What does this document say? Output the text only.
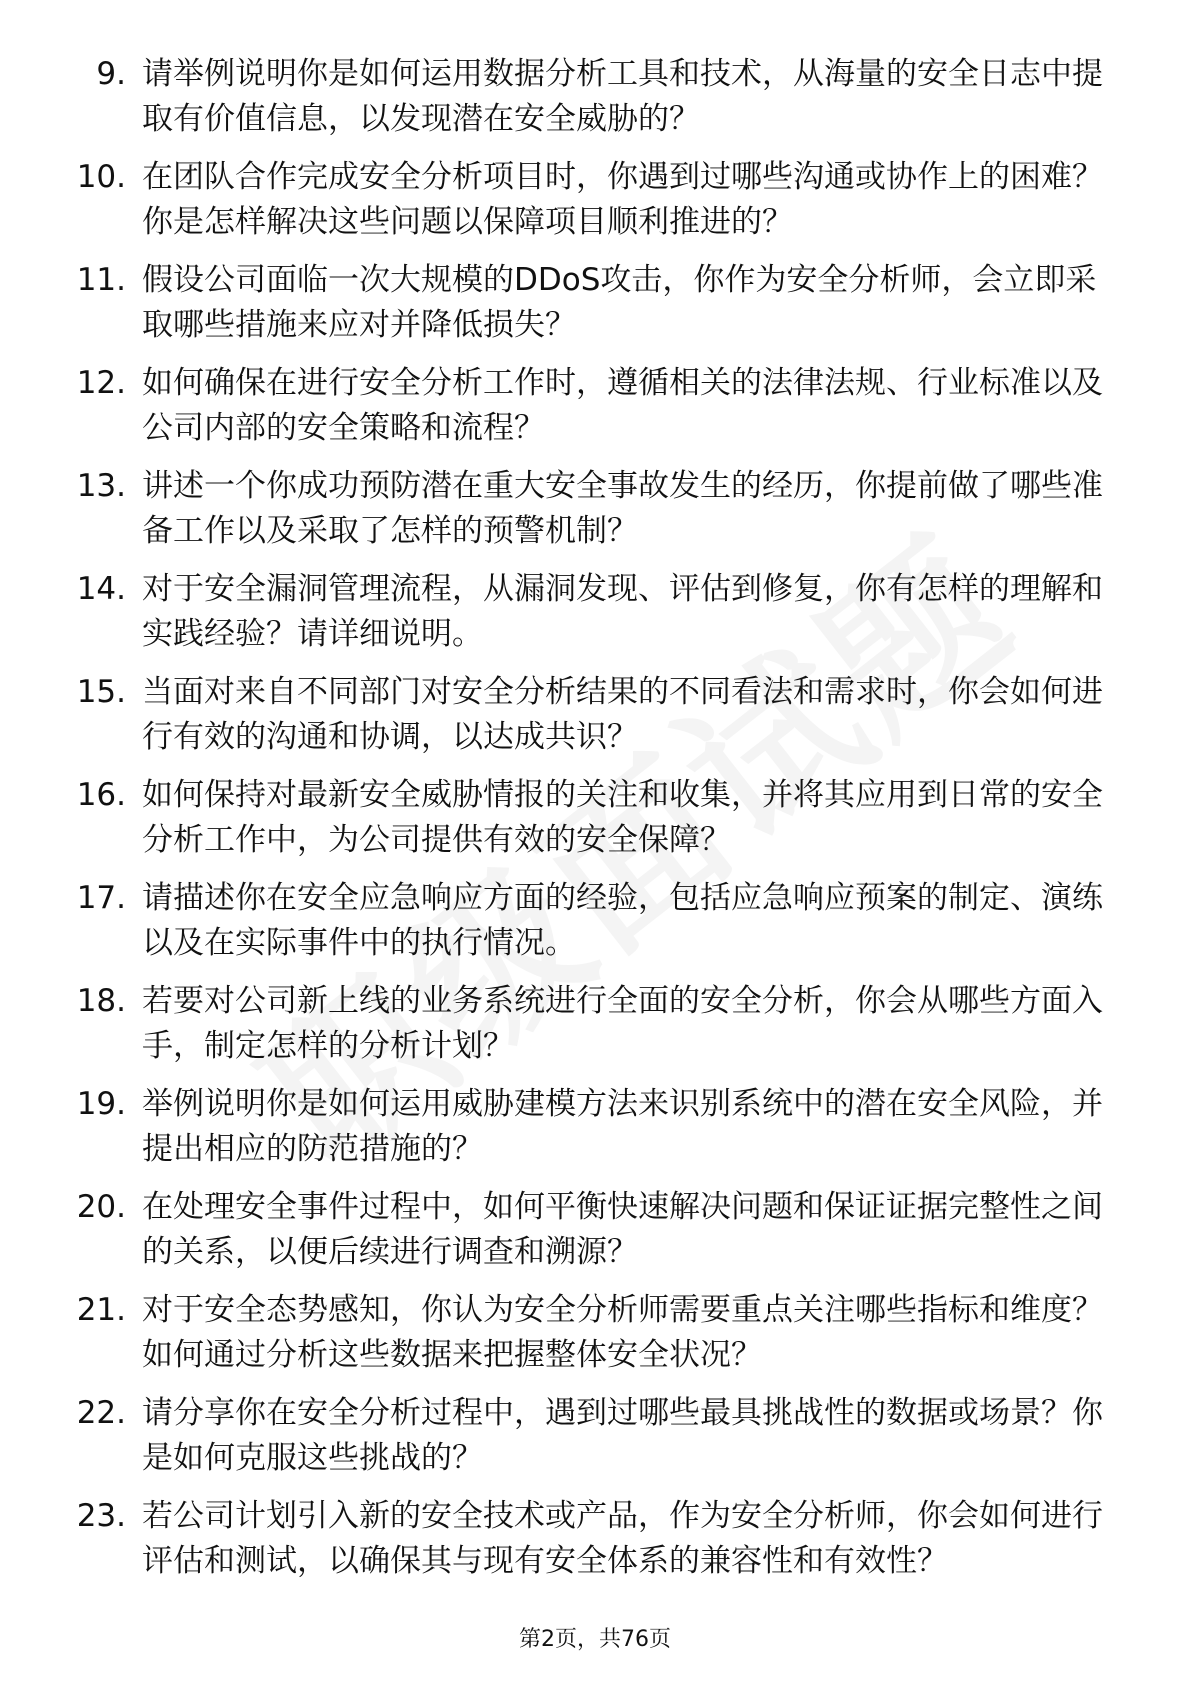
9. 请举例说明你是如何运用数据分析工具和技术，从海量的安全日志中提取有价值信息，以发现潜在安全威胁的？
10. 在团队合作完成安全分析项目时，你遇到过哪些沟通或协作上的困难？你是怎样解决这些问题以保障项目顺利推进的？
11. 假设公司面临一次大规模的DDoS攻击，你作为安全分析师，会立即采取哪些措施来应对并降低损失？
12. 如何确保在进行安全分析工作时，遵循相关的法律法规、行业标准以及公司内部的安全策略和流程？
13. 讲述一个你成功预防潜在重大安全事故发生的经历，你提前做了哪些准备工作以及采取了怎样的预警机制？
14. 对于安全漏洞管理流程，从漏洞发现、评估到修复，你有怎样的理解和实践经验？请详细说明。
15. 当面对来自不同部门对安全分析结果的不同看法和需求时，你会如何进行有效的沟通和协调，以达成共识？
16. 如何保持对最新安全威胁情报的关注和收集，并将其应用到日常的安全分析工作中，为公司提供有效的安全保障？
17. 请描述你在安全应急响应方面的经验，包括应急响应预案的制定、演练以及在实际事件中的执行情况。
18. 若要对公司新上线的业务系统进行全面的安全分析，你会从哪些方面入手，制定怎样的分析计划？
19. 举例说明你是如何运用威胁建模方法来识别系统中的潜在安全风险，并提出相应的防范措施的？
20. 在处理安全事件过程中，如何平衡快速解决问题和保证证据完整性之间的关系，以便后续进行调查和溯源？
21. 对于安全态势感知，你认为安全分析师需要重点关注哪些指标和维度？如何通过分析这些数据来把握整体安全状况？
22. 请分享你在安全分析过程中，遇到过哪些最具挑战性的数据或场景？你是如何克服这些挑战的？
23. 若公司计划引入新的安全技术或产品，作为安全分析师，你会如何进行评估和测试，以确保其与现有安全体系的兼容性和有效性？
第2页，共76页
